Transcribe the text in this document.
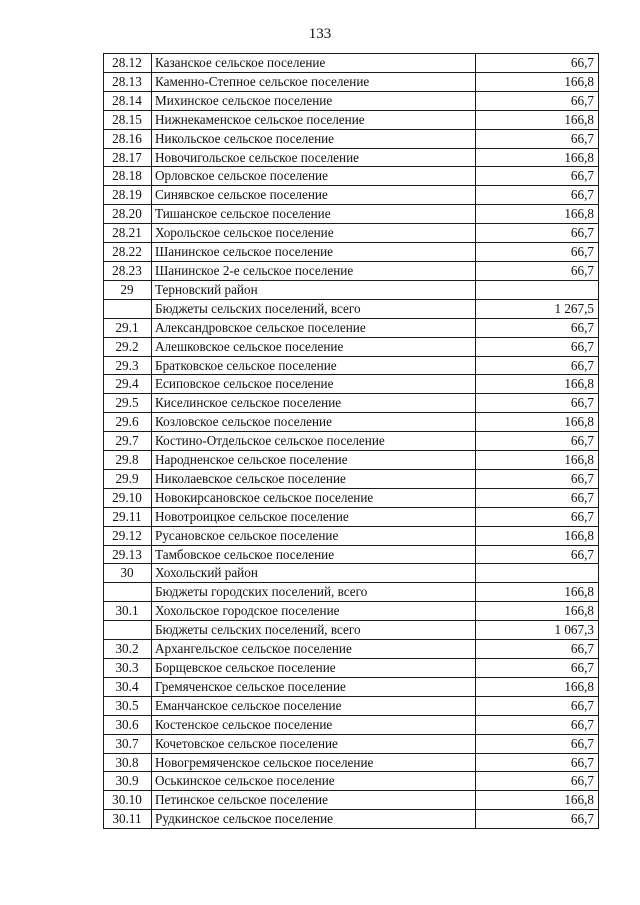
133
28.12	Казанское сельское поселение	66,7
28.13	Каменно-Степное сельское поселение	166,8
28.14	Михинское сельское поселение	66,7
28.15	Нижнекаменское сельское поселение	166,8
28.16	Никольское сельское поселение	66,7
28.17	Новочигольское сельское поселение	166,8
28.18	Орловское сельское поселение	66,7
28.19	Синявское сельское поселение	66,7
28.20	Тишанское сельское поселение	166,8
28.21	Хорольское сельское поселение	66,7
28.22	Шанинское сельское поселение	66,7
28.23	Шанинское 2-е сельское поселение	66,7
29	Терновский район	
	Бюджеты сельских поселений, всего	1 267,5
29.1	Александровское сельское поселение	66,7
29.2	Алешковское сельское поселение	66,7
29.3	Братковское сельское поселение	66,7
29.4	Есиповское сельское поселение	166,8
29.5	Киселинское сельское поселение	66,7
29.6	Козловское сельское поселение	166,8
29.7	Костино-Отдельское сельское поселение	66,7
29.8	Народненское сельское поселение	166,8
29.9	Николаевское сельское поселение	66,7
29.10	Новокирсановское сельское поселение	66,7
29.11	Новотроицкое сельское поселение	66,7
29.12	Русановское сельское поселение	166,8
29.13	Тамбовское сельское поселение	66,7
30	Хохольский район	
	Бюджеты городских поселений, всего	166,8
30.1	Хохольское городское поселение	166,8
	Бюджеты сельских поселений, всего	1 067,3
30.2	Архангельское сельское поселение	66,7
30.3	Борщевское сельское поселение	66,7
30.4	Гремяченское сельское поселение	166,8
30.5	Еманчанское сельское поселение	66,7
30.6	Костенское сельское поселение	66,7
30.7	Кочетовское сельское поселение	66,7
30.8	Новогремяченское сельское поселение	66,7
30.9	Оськинское сельское поселение	66,7
30.10	Петинское сельское поселение	166,8
30.11	Рудкинское сельское поселение	66,7
